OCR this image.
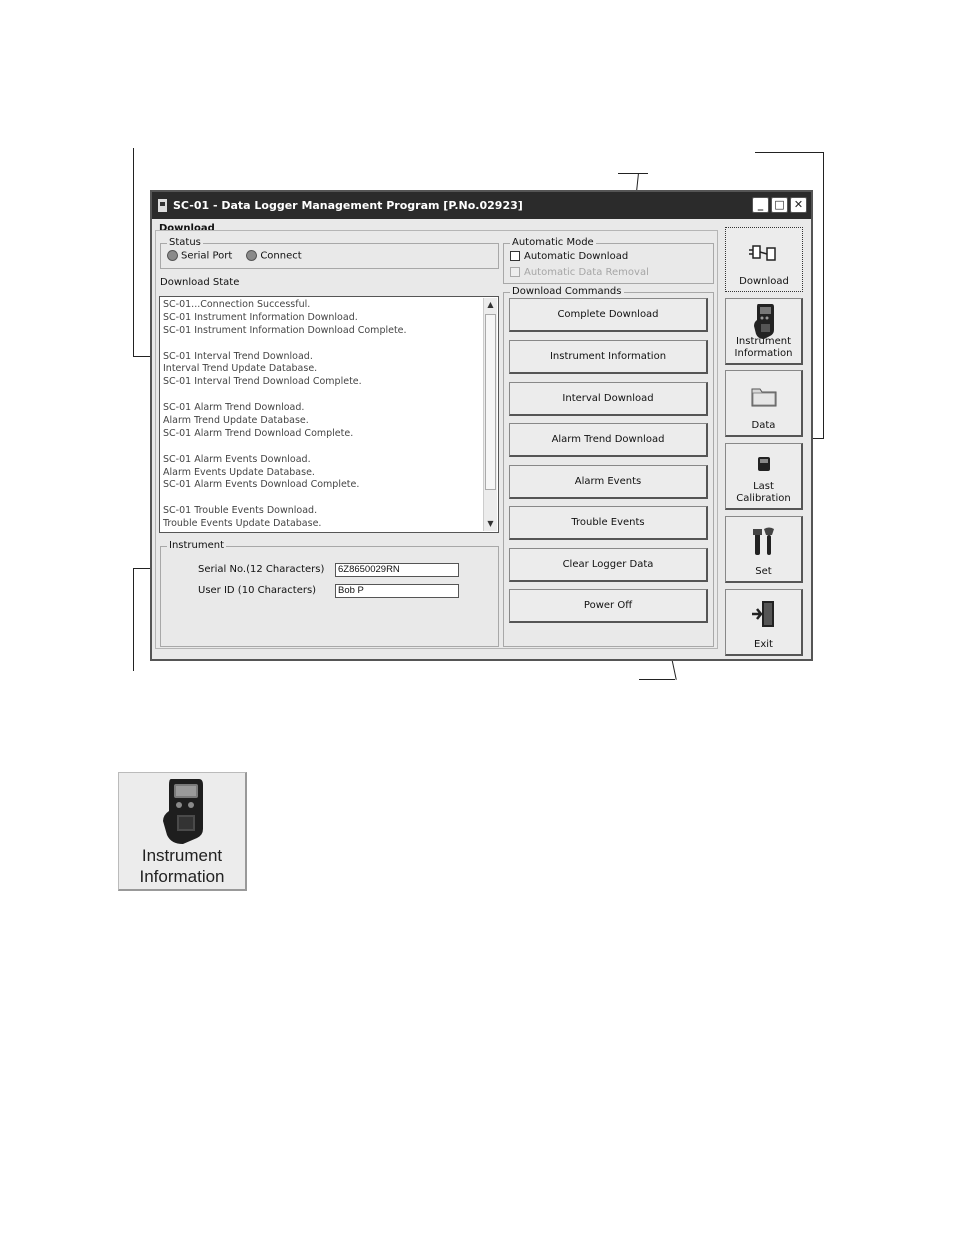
SC-01 - Data Logger Management Program [P.No.02923]	_	□ ✕
Download
Status
Serial Port	Connect
Download State
SC-01...Connection Successful.
SC-01 Instrument Information Download.
SC-01 Instrument Information Download Complete.
SC-01 Interval Trend Download.
Interval Trend Update Database.
SC-01 Interval Trend Download Complete.
SC-01 Alarm Trend Download.
Alarm Trend Update Database.
SC-01 Alarm Trend Download Complete.
SC-01 Alarm Events Download.
Alarm Events Update Database.
SC-01 Alarm Events Download Complete.
SC-01 Trouble Events Download.
Trouble Events Update Database.
▲
▼
Instrument
Serial No.(12 Characters)	6Z8650029RN
User ID (10 Characters)	Bob P
Automatic Mode
Automatic Download
Automatic Data Removal
Download Commands
Complete Download
Instrument Information
Interval Download
Alarm Trend Download
Alarm Events
Trouble Events
Clear Logger Data
Power Off
Download
Instrument
Information
Data
Last
Calibration
Set
Exit
Instrument
Information
